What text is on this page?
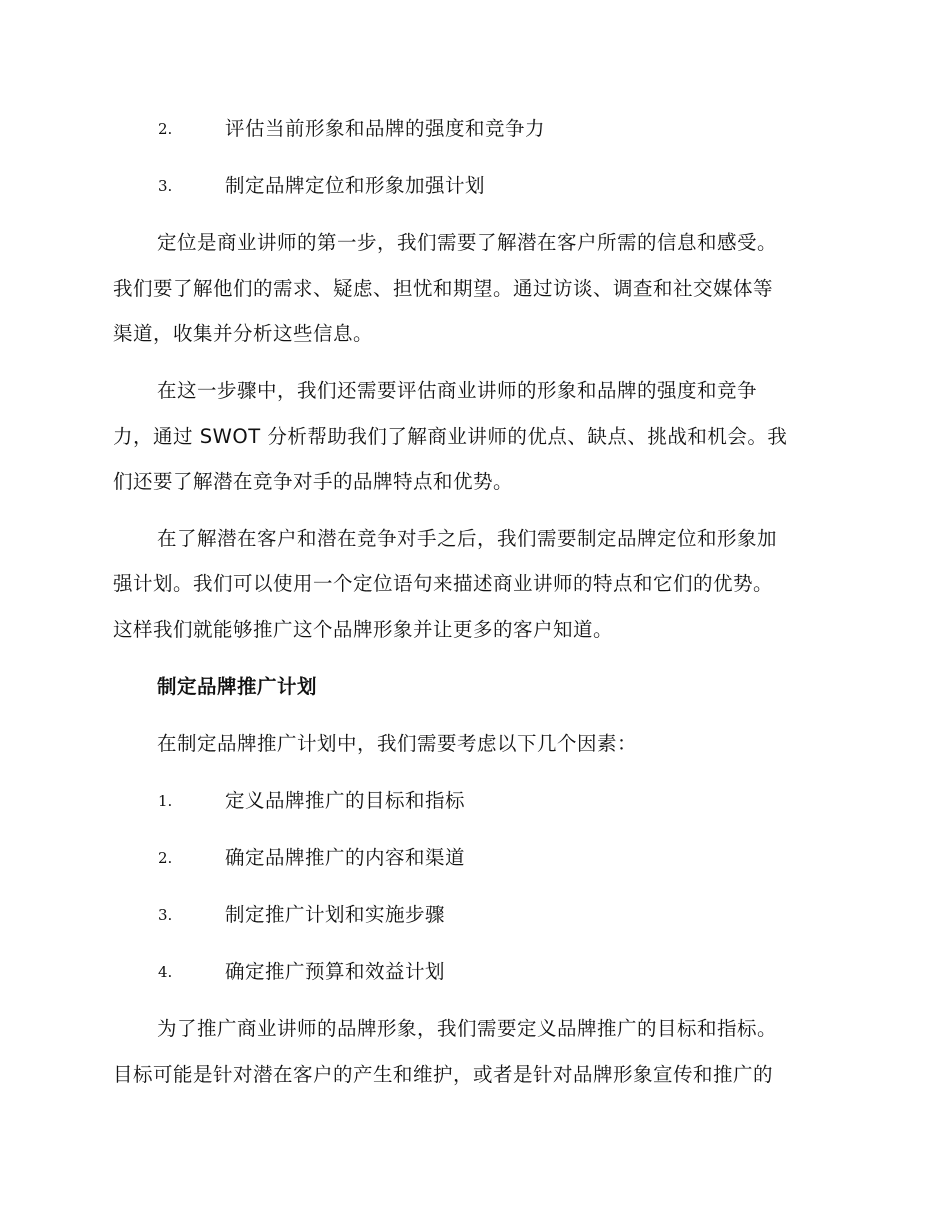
2.	评估当前形象和品牌的强度和竞争力
3.	制定品牌定位和形象加强计划
定位是商业讲师的第一步，我们需要了解潜在客户所需的信息和感受。
我们要了解他们的需求、疑虑、担忧和期望。通过访谈、调查和社交媒体等
渠道，收集并分析这些信息。
在这一步骤中，我们还需要评估商业讲师的形象和品牌的强度和竞争
力，通过 SWOT 分析帮助我们了解商业讲师的优点、缺点、挑战和机会。我
们还要了解潜在竞争对手的品牌特点和优势。
在了解潜在客户和潜在竞争对手之后，我们需要制定品牌定位和形象加
强计划。我们可以使用一个定位语句来描述商业讲师的特点和它们的优势。
这样我们就能够推广这个品牌形象并让更多的客户知道。
制定品牌推广计划
在制定品牌推广计划中，我们需要考虑以下几个因素：
1.	定义品牌推广的目标和指标
2.	确定品牌推广的内容和渠道
3.	制定推广计划和实施步骤
4.	确定推广预算和效益计划
为了推广商业讲师的品牌形象，我们需要定义品牌推广的目标和指标。
目标可能是针对潜在客户的产生和维护，或者是针对品牌形象宣传和推广的
